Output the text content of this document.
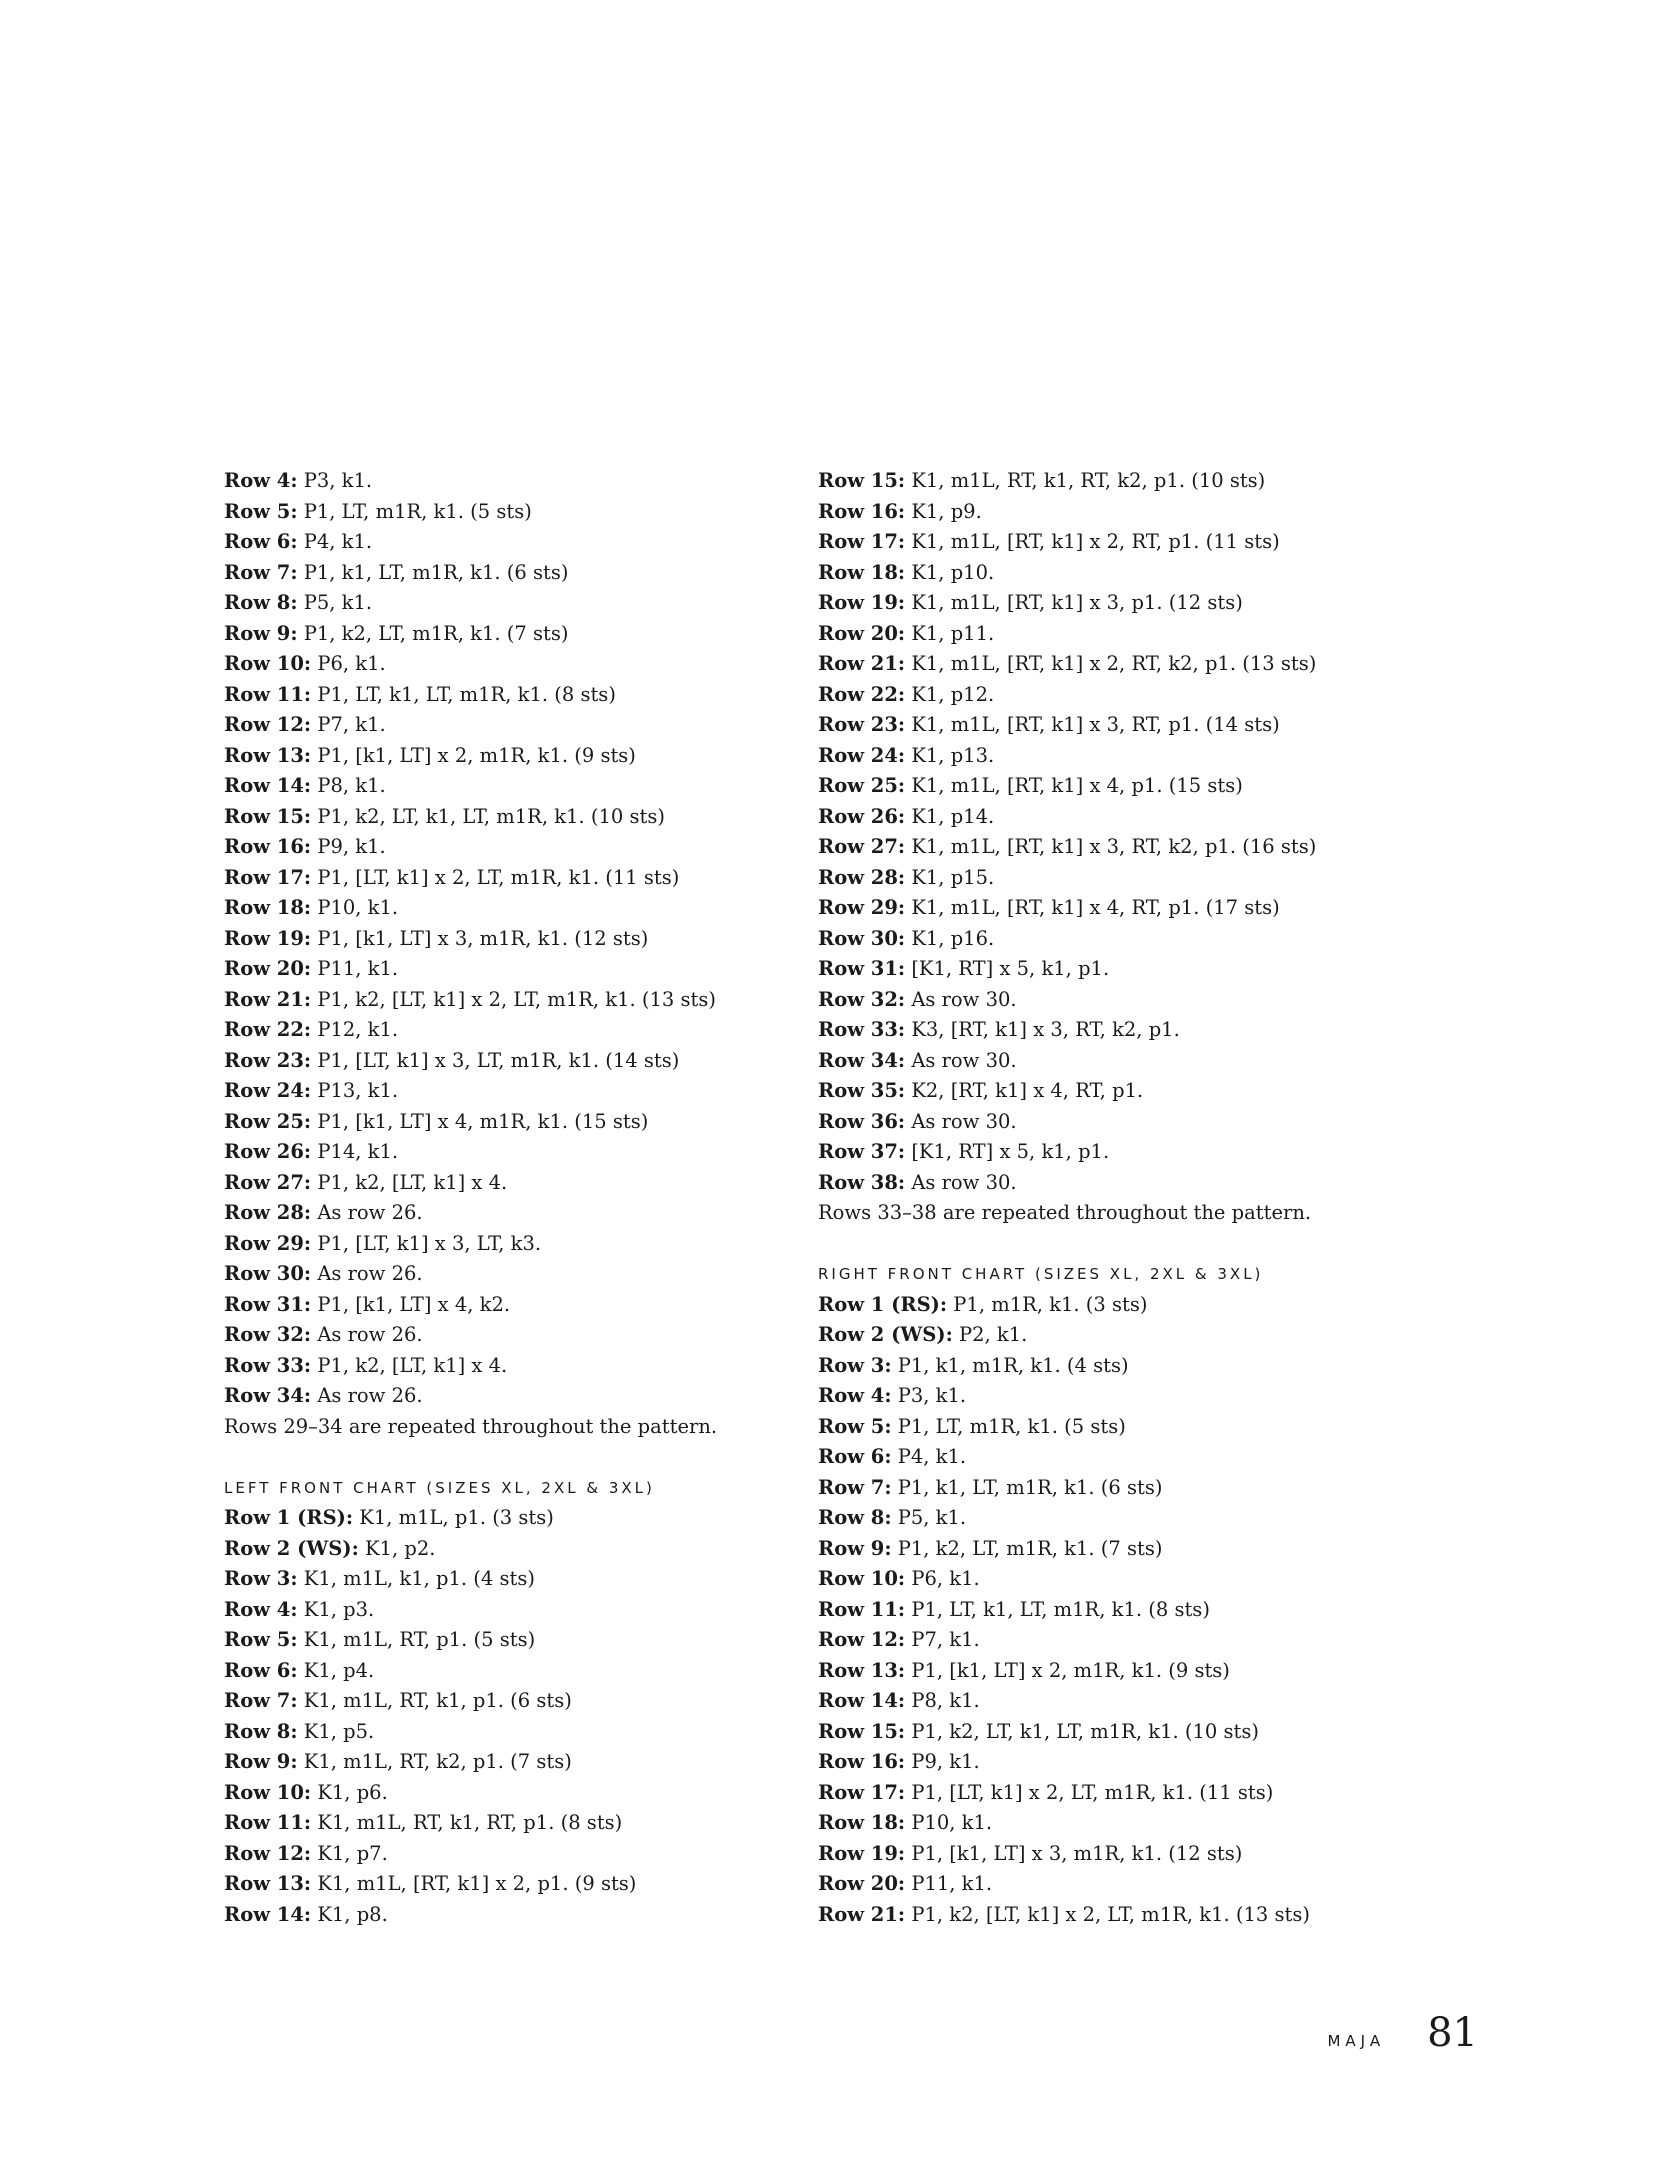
Row 4: P3, k1.
Row 5: P1, LT, m1R, k1. (5 sts)
Row 6: P4, k1.
Row 7: P1, k1, LT, m1R, k1. (6 sts)
Row 8: P5, k1.
Row 9: P1, k2, LT, m1R, k1. (7 sts)
Row 10: P6, k1.
Row 11: P1, LT, k1, LT, m1R, k1. (8 sts)
Row 12: P7, k1.
Row 13: P1, [k1, LT] x 2, m1R, k1. (9 sts)
Row 14: P8, k1.
Row 15: P1, k2, LT, k1, LT, m1R, k1. (10 sts)
Row 16: P9, k1.
Row 17: P1, [LT, k1] x 2, LT, m1R, k1. (11 sts)
Row 18: P10, k1.
Row 19: P1, [k1, LT] x 3, m1R, k1. (12 sts)
Row 20: P11, k1.
Row 21: P1, k2, [LT, k1] x 2, LT, m1R, k1. (13 sts)
Row 22: P12, k1.
Row 23: P1, [LT, k1] x 3, LT, m1R, k1. (14 sts)
Row 24: P13, k1.
Row 25: P1, [k1, LT] x 4, m1R, k1. (15 sts)
Row 26: P14, k1.
Row 27: P1, k2, [LT, k1] x 4.
Row 28: As row 26.
Row 29: P1, [LT, k1] x 3, LT, k3.
Row 30: As row 26.
Row 31: P1, [k1, LT] x 4, k2.
Row 32: As row 26.
Row 33: P1, k2, [LT, k1] x 4.
Row 34: As row 26.
Rows 29–34 are repeated throughout the pattern.
LEFT FRONT CHART (SIZES XL, 2XL & 3XL)
Row 1 (RS): K1, m1L, p1. (3 sts)
Row 2 (WS): K1, p2.
Row 3: K1, m1L, k1, p1. (4 sts)
Row 4: K1, p3.
Row 5: K1, m1L, RT, p1. (5 sts)
Row 6: K1, p4.
Row 7: K1, m1L, RT, k1, p1. (6 sts)
Row 8: K1, p5.
Row 9: K1, m1L, RT, k2, p1. (7 sts)
Row 10: K1, p6.
Row 11: K1, m1L, RT, k1, RT, p1. (8 sts)
Row 12: K1, p7.
Row 13: K1, m1L, [RT, k1] x 2, p1. (9 sts)
Row 14: K1, p8.
Row 15: K1, m1L, RT, k1, RT, k2, p1. (10 sts)
Row 16: K1, p9.
Row 17: K1, m1L, [RT, k1] x 2, RT, p1. (11 sts)
Row 18: K1, p10.
Row 19: K1, m1L, [RT, k1] x 3, p1. (12 sts)
Row 20: K1, p11.
Row 21: K1, m1L, [RT, k1] x 2, RT, k2, p1. (13 sts)
Row 22: K1, p12.
Row 23: K1, m1L, [RT, k1] x 3, RT, p1. (14 sts)
Row 24: K1, p13.
Row 25: K1, m1L, [RT, k1] x 4, p1. (15 sts)
Row 26: K1, p14.
Row 27: K1, m1L, [RT, k1] x 3, RT, k2, p1. (16 sts)
Row 28: K1, p15.
Row 29: K1, m1L, [RT, k1] x 4, RT, p1. (17 sts)
Row 30: K1, p16.
Row 31: [K1, RT] x 5, k1, p1.
Row 32: As row 30.
Row 33: K3, [RT, k1] x 3, RT, k2, p1.
Row 34: As row 30.
Row 35: K2, [RT, k1] x 4, RT, p1.
Row 36: As row 30.
Row 37: [K1, RT] x 5, k1, p1.
Row 38: As row 30.
Rows 33–38 are repeated throughout the pattern.
RIGHT FRONT CHART (SIZES XL, 2XL & 3XL)
Row 1 (RS): P1, m1R, k1. (3 sts)
Row 2 (WS): P2, k1.
Row 3: P1, k1, m1R, k1. (4 sts)
Row 4: P3, k1.
Row 5: P1, LT, m1R, k1. (5 sts)
Row 6: P4, k1.
Row 7: P1, k1, LT, m1R, k1. (6 sts)
Row 8: P5, k1.
Row 9: P1, k2, LT, m1R, k1. (7 sts)
Row 10: P6, k1.
Row 11: P1, LT, k1, LT, m1R, k1. (8 sts)
Row 12: P7, k1.
Row 13: P1, [k1, LT] x 2, m1R, k1. (9 sts)
Row 14: P8, k1.
Row 15: P1, k2, LT, k1, LT, m1R, k1. (10 sts)
Row 16: P9, k1.
Row 17: P1, [LT, k1] x 2, LT, m1R, k1. (11 sts)
Row 18: P10, k1.
Row 19: P1, [k1, LT] x 3, m1R, k1. (12 sts)
Row 20: P11, k1.
Row 21: P1, k2, [LT, k1] x 2, LT, m1R, k1. (13 sts)
MAJA 81
